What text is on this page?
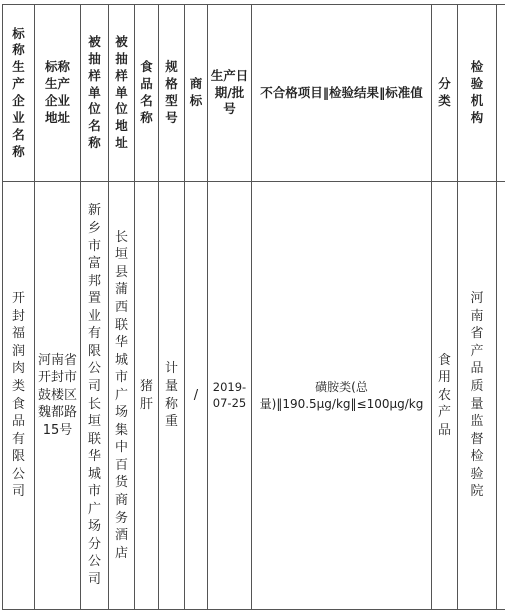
标称生产企业名称	标称生产企业地址	被抽样单位名称	被抽样单位地址	食品名称	规格型号	商标	生产日期/批号	不合格项目‖检验结果‖标准值	分类	检验机构	

开封福润肉类食品有限公司	河南省开封市鼓楼区魏都路15号	新乡市富邦置业有限公司长垣联华城市广场分公司	长垣县蒲西联华城市广场集中百货商务酒店	猪肝	计量称重	/	2019-07-25	磺胺类(总量)‖190.5μg/kg‖≤100μg/kg	食用农产品	河南省产品质量监督检验院	
